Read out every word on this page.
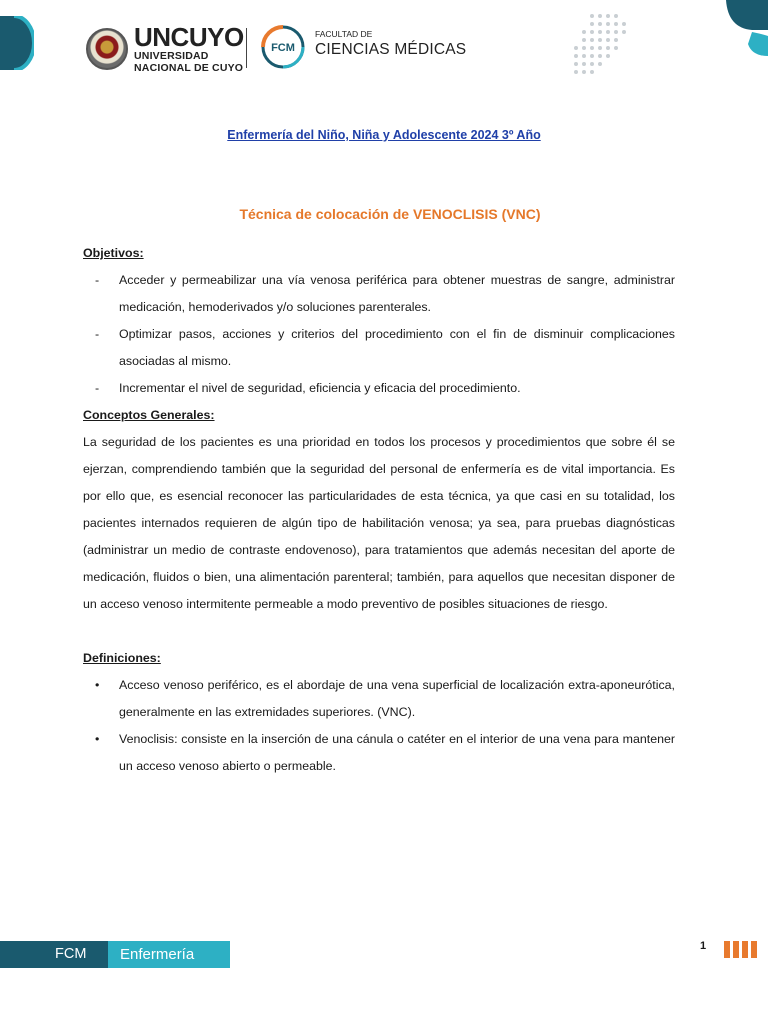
UNCUYO
UNIVERSIDAD
NACIONAL DE CUYO
FCM
FACULTAD DE
CIENCIAS MÉDICAS
Enfermería del Niño, Niña y Adolescente 2024 3º Año
Técnica de colocación de VENOCLISIS (VNC)

Objetivos:

- Acceder y permeabilizar una vía venosa periférica para obtener muestras de sangre, administrar medicación, hemoderivados y/o soluciones parenterales.
- Optimizar pasos, acciones y criterios del procedimiento con el fin de disminuir complicaciones asociadas al mismo.
- Incrementar el nivel de seguridad, eficiencia y eficacia del procedimiento.

Conceptos Generales:

La seguridad de los pacientes es una prioridad en todos los procesos y procedimientos que sobre él se ejerzan, comprendiendo también que la seguridad del personal de enfermería es de vital importancia. Es por ello que, es esencial reconocer las particularidades de esta técnica, ya que casi en su totalidad, los pacientes internados requieren de algún tipo de habilitación venosa; ya sea, para pruebas diagnósticas (administrar un medio de contraste endovenoso), para tratamientos que además necesitan del aporte de medicación, fluidos o bien, una alimentación parenteral; también, para aquellos que necesitan disponer de un acceso venoso intermitente permeable a modo preventivo de posibles situaciones de riesgo.

Definiciones:

• Acceso venoso periférico, es el abordaje de una vena superficial de localización extra-aponeurótica, generalmente en las extremidades superiores. (VNC).
• Venoclisis: consiste en la inserción de una cánula o catéter en el interior de una vena para mantener un acceso venoso abierto o permeable.
FCM	Enfermería	1
